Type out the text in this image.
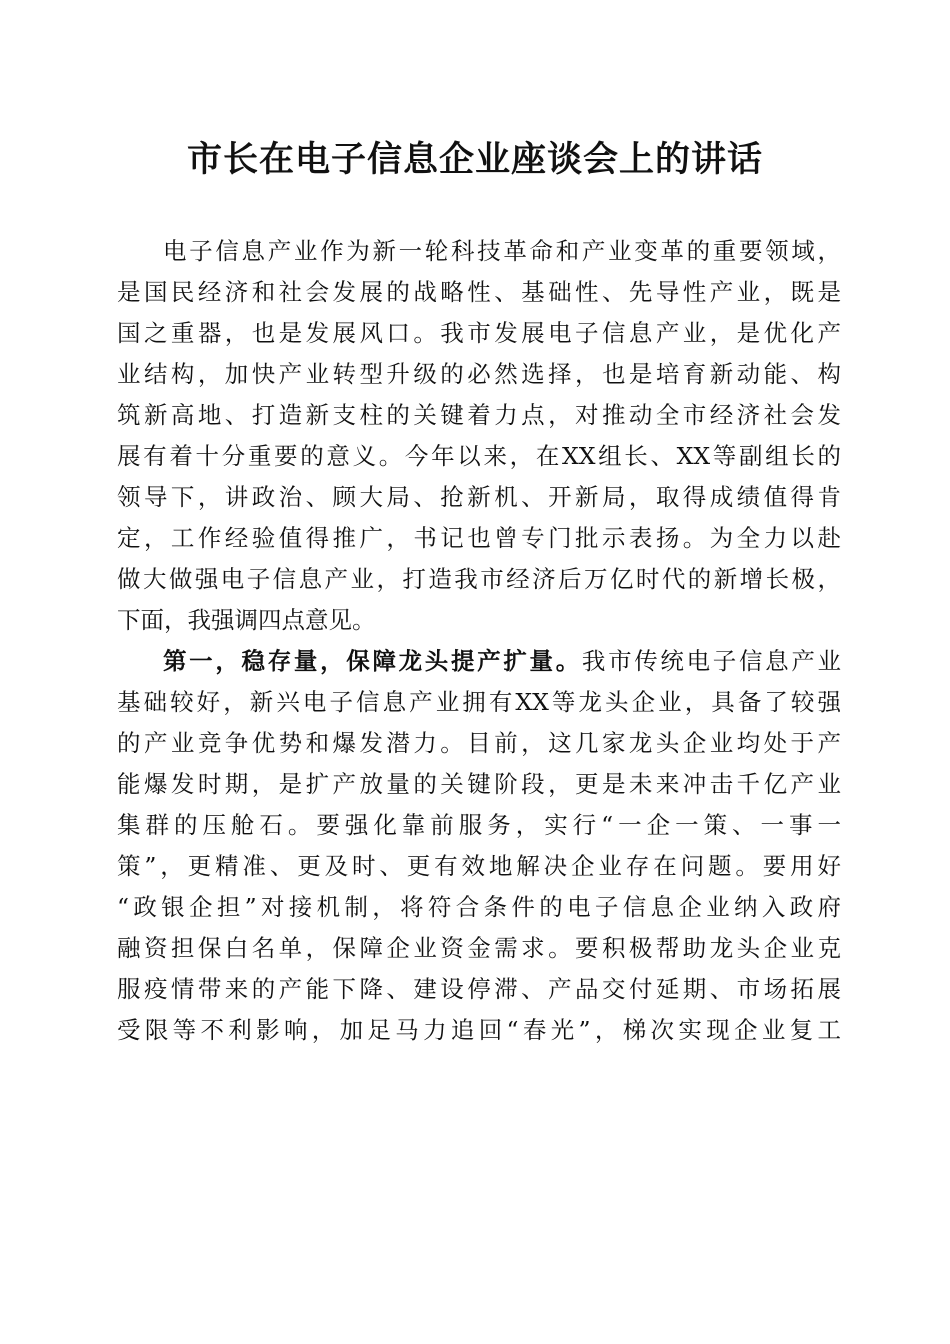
市长在电子信息企业座谈会上的讲话
电子信息产业作为新一轮科技革命和产业变革的重要领域，
是国民经济和社会发展的战略性、基础性、先导性产业，既是
国之重器，也是发展风口。我市发展电子信息产业，是优化产
业结构，加快产业转型升级的必然选择，也是培育新动能、构
筑新高地、打造新支柱的关键着力点，对推动全市经济社会发
展有着十分重要的意义。今年以来，在XX组长、XX等副组长的
领导下，讲政治、顾大局、抢新机、开新局，取得成绩值得肯
定，工作经验值得推广，书记也曾专门批示表扬。为全力以赴
做大做强电子信息产业，打造我市经济后万亿时代的新增长极，
下面，我强调四点意见。
第一，稳存量，保障龙头提产扩量。我市传统电子信息产业
基础较好，新兴电子信息产业拥有XX等龙头企业，具备了较强
的产业竞争优势和爆发潜力。目前，这几家龙头企业均处于产
能爆发时期，是扩产放量的关键阶段，更是未来冲击千亿产业
集群的压舱石。要强化靠前服务，实行“一企一策、一事一
策”，更精准、更及时、更有效地解决企业存在问题。要用好
“政银企担”对接机制，将符合条件的电子信息企业纳入政府
融资担保白名单，保障企业资金需求。要积极帮助龙头企业克
服疫情带来的产能下降、建设停滞、产品交付延期、市场拓展
受限等不利影响，加足马力追回“春光”，梯次实现企业复工
